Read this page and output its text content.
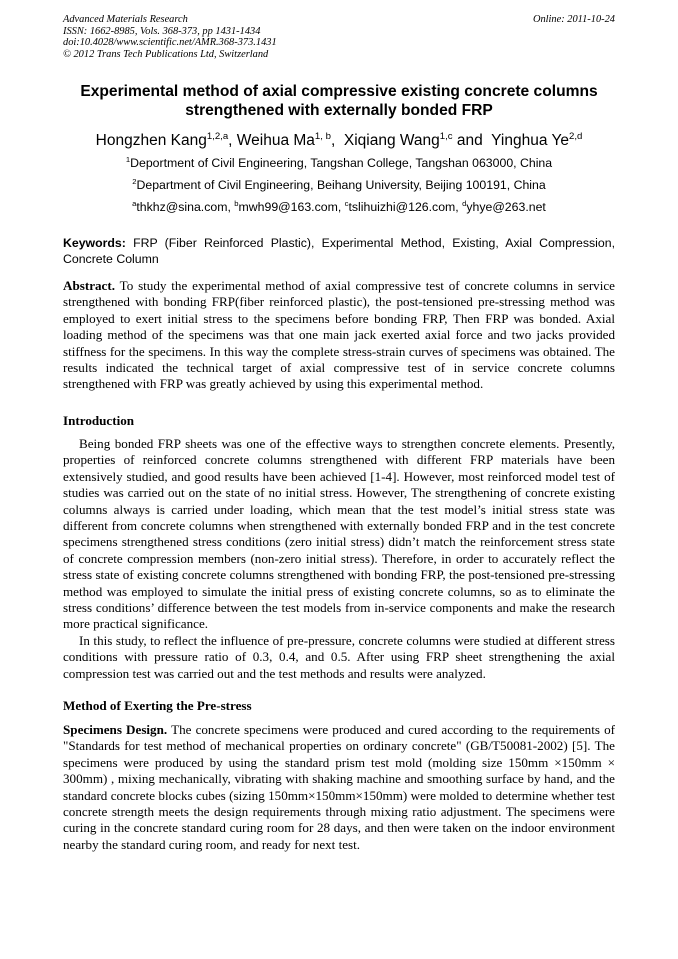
Advanced Materials Research
ISSN: 1662-8985, Vols. 368-373, pp 1431-1434
doi:10.4028/www.scientific.net/AMR.368-373.1431
© 2012 Trans Tech Publications Ltd, Switzerland
Online: 2011-10-24
Experimental method of axial compressive existing concrete columns strengthened with externally bonded FRP
Hongzhen Kang$^{1,2,a}$, Weihua Ma$^{1, b}$,  Xiqiang Wang$^{1,c}$ and  Yinghua Ye$^{2,d}$
$^1$Deportment of Civil Engineering, Tangshan College, Tangshan 063000, China
$^2$Department of Civil Engineering, Beihang University, Beijing 100191, China
$^a$thkhz@sina.com, $^b$mwh99@163.com, $^c$tslihuizhi@126.com, $^d$yhye@263.net
Keywords: FRP (Fiber Reinforced Plastic), Experimental Method, Existing, Axial Compression, Concrete Column
Abstract. To study the experimental method of axial compressive test of concrete columns in service strengthened with bonding FRP(fiber reinforced plastic), the post-tensioned pre-stressing method was employed to exert initial stress to the specimens before bonding FRP, Then FRP was bonded. Axial loading method of the specimens was that one main jack exerted axial force and two jacks provided stiffness for the specimens. In this way the complete stress-strain curves of specimens was obtained. The results indicated the technical target of axial compressive test of in service concrete columns strengthened with FRP was greatly achieved by using this experimental method.
Introduction

Being bonded FRP sheets was one of the effective ways to strengthen concrete elements. Presently, properties of reinforced concrete columns strengthened with different FRP materials have been extensively studied, and good results have been achieved [1-4]. However, most reinforced model test of studies was carried out on the state of no initial stress. However, The strengthening of concrete existing columns always is carried under loading, which mean that the test model’s initial stress state was different from concrete columns when strengthened with externally bonded FRP and in the test concrete specimens strengthened stress conditions (zero initial stress) didn’t match the reinforcement stress state of concrete compression members (non-zero initial stress). Therefore, in order to accurately reflect the stress state of existing concrete columns strengthened with bonding FRP, the post-tensioned pre-stressing method was employed to simulate the initial press of existing concrete columns, so as to eliminate the stress conditions’ difference between the test models from in-service components and make the research more practical significance.

In this study, to reflect the influence of pre-pressure, concrete columns were studied at different stress conditions with pressure ratio of 0.3, 0.4, and 0.5. After using FRP sheet strengthening the axial compression test was carried out and the test methods and results were analyzed.

Method of Exerting the Pre-stress
Specimens Design. The concrete specimens were produced and cured according to the requirements of "Standards for test method of mechanical properties on ordinary concrete" (GB/T50081-2002) [5]. The specimens were produced by using the standard prism test mold (molding size 150mm ×150mm × 300mm) , mixing mechanically, vibrating with shaking machine and smoothing surface by hand, and the standard concrete blocks cubes (sizing 150mm×150mm×150mm) were molded to determine whether test concrete strength meets the design requirements through mixing ratio adjustment. The specimens were curing in the concrete standard curing room for 28 days, and then were taken on the indoor environment nearby the standard curing room, and ready for next test.
